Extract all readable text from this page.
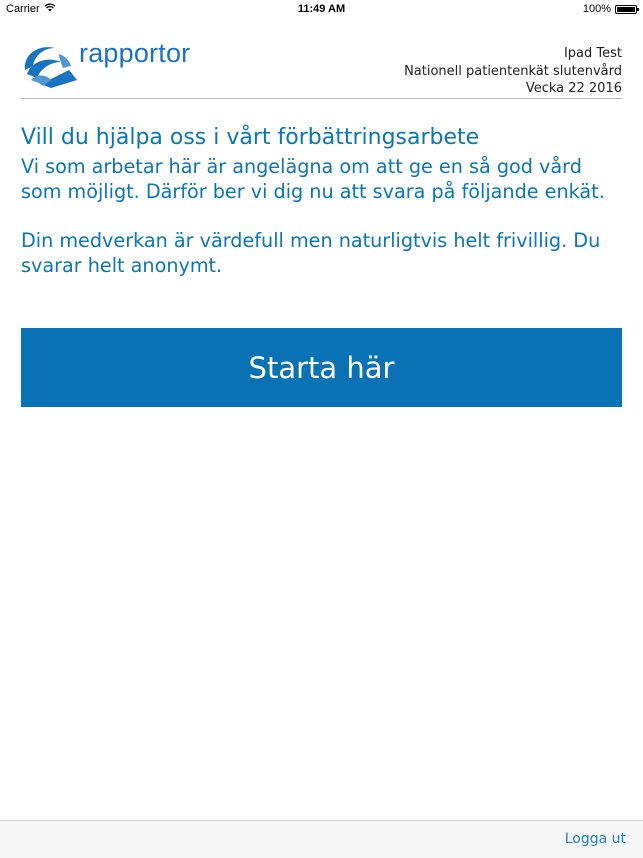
Carrier	11:49 AM	100%
rapportor	Ipad Test
Nationell patientenkät slutenvård
Vecka 22 2016
Vill du hjälpa oss i vårt förbättringsarbete

Vi som arbetar här är angelägna om att ge en så god vård som möjligt. Därför ber vi dig nu att svara på följande enkät.

Din medverkan är värdefull men naturligtvis helt frivillig. Du svarar helt anonymt.

Starta här
Logga ut
